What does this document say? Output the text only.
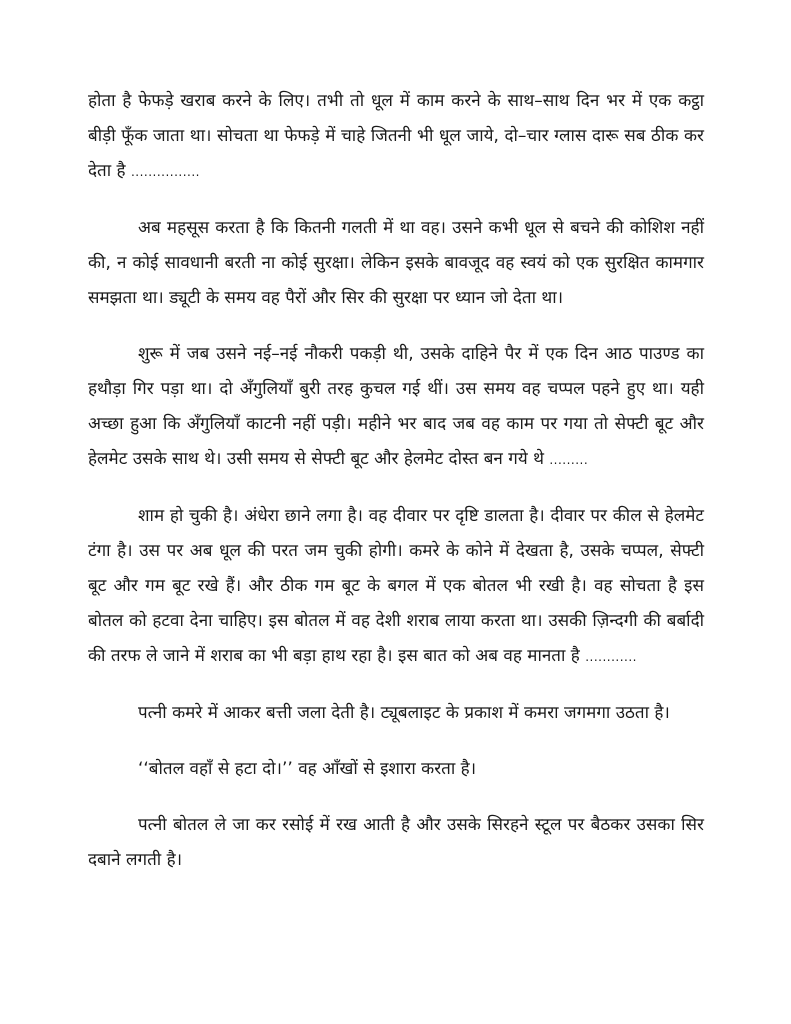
होता है फेफड़े खराब करने के लिए। तभी तो धूल में काम करने के साथ–साथ दिन भर में एक कट्ठा बीड़ी फूँक जाता था। सोचता था फेफड़े में चाहे जितनी भी धूल जाये, दो–चार ग्लास दारू सब ठीक कर देता है ................

अब महसूस करता है कि कितनी गलती में था वह। उसने कभी धूल से बचने की कोशिश नहीं की, न कोई सावधानी बरती ना कोई सुरक्षा। लेकिन इसके बावजूद वह स्वयं को एक सुरक्षित कामगार समझता था। ड्यूटी के समय वह पैरों और सिर की सुरक्षा पर ध्यान जो देता था।

शुरू में जब उसने नई–नई नौकरी पकड़ी थी, उसके दाहिने पैर में एक दिन आठ पाउण्ड का हथौड़ा गिर पड़ा था। दो अँगुलियाँ बुरी तरह कुचल गई थीं। उस समय वह चप्पल पहने हुए था। यही अच्छा हुआ कि अँगुलियाँ काटनी नहीं पड़ी। महीने भर बाद जब वह काम पर गया तो सेफ्टी बूट और हेलमेट उसके साथ थे। उसी समय से सेफ्टी बूट और हेलमेट दोस्त बन गये थे .........

शाम हो चुकी है। अंधेरा छाने लगा है। वह दीवार पर दृष्टि डालता है। दीवार पर कील से हेलमेट टंगा है। उस पर अब धूल की परत जम चुकी होगी। कमरे के कोने में देखता है, उसके चप्पल, सेफ्टी बूट और गम बूट रखे हैं। और ठीक गम बूट के बगल में एक बोतल भी रखी है। वह सोचता है इस बोतल को हटवा देना चाहिए। इस बोतल में वह देशी शराब लाया करता था। उसकी ज़िन्दगी की बर्बादी की तरफ ले जाने में शराब का भी बड़ा हाथ रहा है। इस बात को अब वह मानता है ............

पत्नी कमरे में आकर बत्ती जला देती है। ट्यूबलाइट के प्रकाश में कमरा जगमगा उठता है।

‘‘बोतल वहाँ से हटा दो।’’ वह आँखों से इशारा करता है।

पत्नी बोतल ले जा कर रसोई में रख आती है और उसके सिरहने स्टूल पर बैठकर उसका सिर दबाने लगती है।
